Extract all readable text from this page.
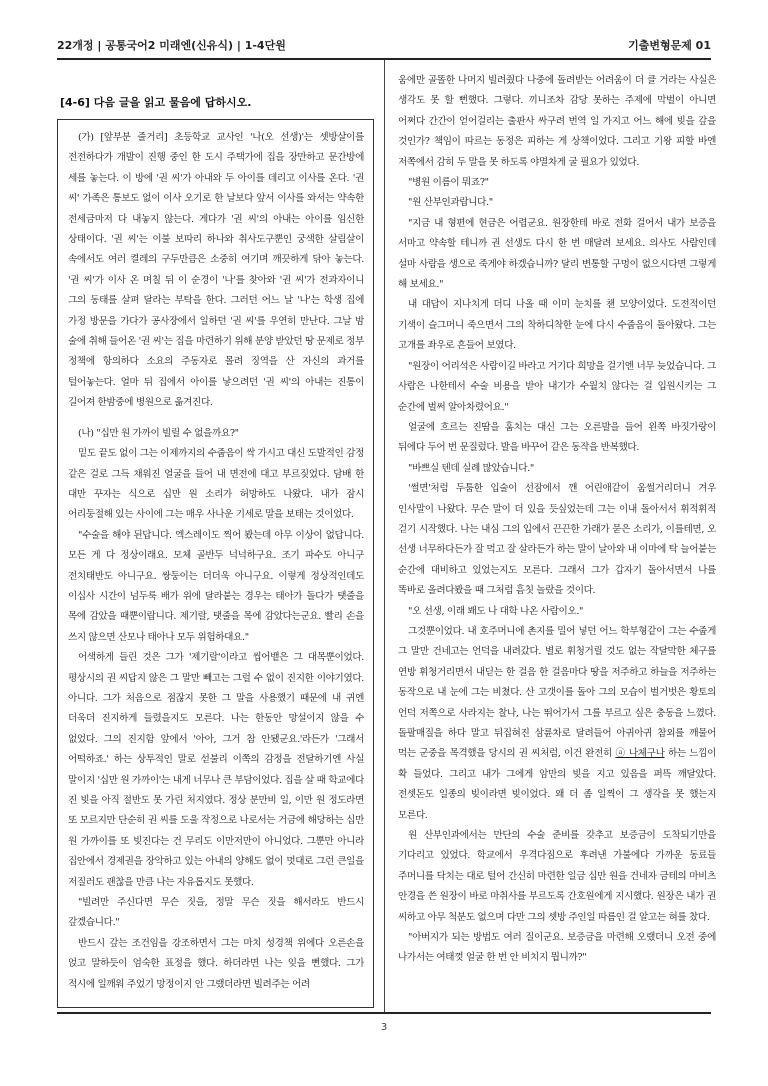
22개정 | 공통국어2 미래엔(신유식) | 1-4단원	기출변형문제 01
[4-6] 다음 글을 읽고 물음에 답하시오.

(가) [앞부분 줄거리] 초등학교 교사인 '나(오 선생)'는 셋방살이를 전전하다가 개발이 진행 중인 한 도시 주택가에 집을 장만하고 문간방에 세를 놓는다. 이 방에 '권 씨'가 아내와 두 아이를 데리고 이사를 온다. '권 씨' 가족은 통보도 없이 이사 오기로 한 날보다 앞서 이사를 와서는 약속한 전세금마저 다 내놓지 않는다. 게다가 '권 씨'의 아내는 아이를 임신한 상태이다. '권 씨'는 이불 보따리 하나와 취사도구뿐인 궁색한 살림살이 속에서도 여러 켤레의 구두만큼은 소중히 여기며 깨끗하게 닦아 놓는다. '권 씨'가 이사 온 며칠 뒤 이 순경이 '나'를 찾아와 '권 씨'가 전과자이니 그의 동태를 살펴 달라는 부탁을 한다. 그러던 어느 날 '나'는 학생 집에 가정 방문을 가다가 공사장에서 일하던 '권 씨'를 우연히 만난다. 그날 밤 술에 취해 들어온 '권 씨'는 집을 마련하기 위해 분양 받았던 땅 문제로 정부 정책에 항의하다 소요의 주동자로 몰려 징역을 산 자신의 과거를 털어놓는다. 얼마 뒤 집에서 아이를 낳으려던 '권 씨'의 아내는 진통이 길어져 한밤중에 병원으로 옮겨진다.

(나) "십만 원 가까이 빌릴 수 없을까요?"

밑도 끝도 없이 그는 이제까지의 수줍음이 싹 가시고 대신 도발적인 감정 같은 걸로 그득 채워진 얼굴을 들어 내 면전에 대고 부르짖었다. 담배 한 대만 꾸자는 식으로 십만 원 소리가 허망하도 나왔다. 내가 잠시 어리둥절해 있는 사이에 그는 매우 사나운 기세로 말을 보태는 것이었다.

"수술을 해야 된답니다. 엑스레이도 찍어 봤는데 아무 이상이 없답니다. 모든 게 다 정상이래요. 모체 골반두 넉넉하구요. 조기 파수도 아니구 전치태반도 아니구요. 쌍둥이는 더더욱 아니구요. 이렇게 정상적인데도 이십사 시간이 넘두룩 배가 위에 달라붙는 경우는 태아가 돌다가 탯줄을 목에 감았을 때뿐이랍니다. 제기랄, 탯줄을 목에 감았다는군요. 빨리 손을 쓰지 않으면 산모나 태아나 모두 위험하대요."

어색하게 들린 것은 그가 '제기랄'이라고 씹어뱉은 그 대목뿐이었다. 평상시의 권 씨답지 않은 그 말만 빼고는 그럴 수 없이 진지한 이야기였다. 아니다. 그가 처음으로 점잖지 못한 그 말을 사용했기 때문에 내 귀엔 더욱더 진지하게 들렸을지도 모른다. 나는 한동안 망설이지 않을 수 없었다. 그의 진지함 앞에서 '아아, 그거 참 안됐군요.'라든가 '그래서 어떡하죠.' 하는 상투적인 말로 섣불리 이쪽의 감정을 전달하기엔 사실 말이지 '십만 원 가까이'는 내게 너무나 큰 부담이었다. 집을 살 때 학교에다 진 빚을 아직 절반도 못 가린 처지였다. 정상 분만비 일, 이만 원 정도라면 또 모르지만 단순히 권 씨를 도울 작정으로 나로서는 거금에 해당하는 십만 원 가까이를 또 빚진다는 건 무리도 이만저만이 아니었다. 그뿐만 아니라 집안에서 경제권을 장악하고 있는 아내의 양해도 없이 멋대로 그런 큰일을 저질러도 괜찮을 만큼 나는 자유롭지도 못했다.

"빌려만 주신다면 무슨 짓을, 정말 무슨 짓을 해서라도 반드시 갚겠습니다."

반드시 갚는 조건임을 강조하면서 그는 마치 성경책 위에다 오른손을 얹고 말하듯이 엄숙한 표정을 했다. 하더라면 나는 잊을 뻔했다. 그가 적시에 일깨워 주었기 망정이지 안 그랬더라면 빌려주는 어려

움에만 골똘한 나머지 빌려줬다 나중에 돌려받는 어려움이 더 클 거라는 사실은 생각도 못 할 뻔했다. 그렇다. 끼니조차 감당 못하는 주제에 막벌이 아니면 어쩌다 간간이 얻어걸리는 출판사 싸구려 번역 일 가지고 어느 해에 빚을 갚을 것인가? 책임이 따르는 동정은 피하는 게 상책이었다. 그리고 기왕 피할 바엔 저쪽에서 감히 두 말을 못 하도록 야멸차게 굴 필요가 있었다.

"병원 이름이 뭐죠?"

"원 산부인과랍니다."

"지금 내 형편에 현금은 어렵군요. 원장한테 바로 전화 걸어서 내가 보증을 서마고 약속할 테니까 권 선생도 다시 한 번 매달려 보세요. 의사도 사람인데 설마 사람을 생으로 죽게야 하겠습니까? 달리 변통할 구멍이 없으시다면 그렇게 해 보세요."

내 대답이 지나치게 더디 나올 때 이미 눈치를 챈 모양이었다. 도전적이던 기색이 슬그머니 죽으면서 그의 착하디착한 눈에 다시 수줍음이 돌아왔다. 그는 고개를 좌우로 흔들어 보였다.

"원장이 어리석은 사람이길 바라고 거기다 희망을 걸기엔 너무 늦었습니다. 그 사람은 나한테서 수술 비용을 받아 내기가 수월치 않다는 걸 입원시키는 그 순간에 벌써 알아차렸어요."

얼굴에 흐르는 진땀을 훔치는 대신 그는 오른발을 들어 왼쪽 바짓가랑이 뒤에다 두어 번 문질렀다. 발을 바꾸어 같은 동작을 반복했다.

"바쁘실 텐데 실례 많았습니다."

'썰면'처럼 두툼한 입술이 선잠에서 깬 어린애같이 움썰거리더니 겨우 인사말이 나왔다. 무슨 말이 더 있을 듯싶었는데 그는 이내 돌아서서 휘적휘적 걷기 시작했다. 나는 내심 그의 입에서 끈끈한 가래가 묻은 소리가, 이를테면, 오 선생 너무하다든가 잘 먹고 잘 살라든가 하는 말이 날아와 내 이마에 탁 늘어붙는 순간에 대비하고 있었는지도 모른다. 그래서 그가 갑자기 돌아서면서 나를 똑바로 올려다봤을 때 그처럼 흠칫 놀랐을 것이다.

"오 선생, 이래 봬도 나 대학 나온 사람이오."

그것뿐이었다. 내 호주머니에 촌지를 밀어 넣던 어느 학부형같이 그는 수줍게 그 말만 건네고는 언덕을 내려갔다. 별로 휘청거릴 것도 없는 작달막한 체구를 연방 휘청거리면서 내딛는 한 걸음 한 걸음마다 땅을 저주하고 하늘을 저주하는 동작으로 내 눈에 그는 비쳤다. 산 고갯이를 돌아 그의 모습이 벌거벗은 황토의 언덕 저쪽으로 사라지는 찰나, 나는 뛰어가서 그를 부르고 싶은 충동을 느꼈다. 돌팔매질을 하다 말고 뒤집혀진 삼륜차로 달려들어 아귀아귀 참외를 깨물어 먹는 군중을 목격했을 당시의 권 씨처럼, 이건 완전히 ⓐ 나체구나 하는 느낌이 확 들었다. 그리고 내가 그에게 암만의 빚을 지고 있음을 퍼뜩 깨달았다. 전셋돈도 일종의 빚이라면 빚이었다. 왜 더 좀 일찍이 그 생각을 못 했는지 모른다.

원 산부인과에서는 만단의 수술 준비를 갖추고 보증금이 도착되기만을 기다리고 있었다. 학교에서 우격다짐으로 후려낸 가불에다 가까운 동료들 주머니를 닥치는 대로 털어 간신히 마련한 일금 십만 원을 건네자 금테의 마비츠 안경을 쓴 원장이 바로 마취사를 부르도록 간호원에게 지시했다. 원장은 내가 권 씨하고 아무 척분도 없으며 다만 그의 셋방 주인일 따름인 걸 알고는 혀를 찼다.

"아버지가 되는 방법도 여러 질이군요. 보증금을 마련해 오랬더니 오전 중에 나가서는 여태껏 얼굴 한 번 안 비치지 뭡니까?"

3
